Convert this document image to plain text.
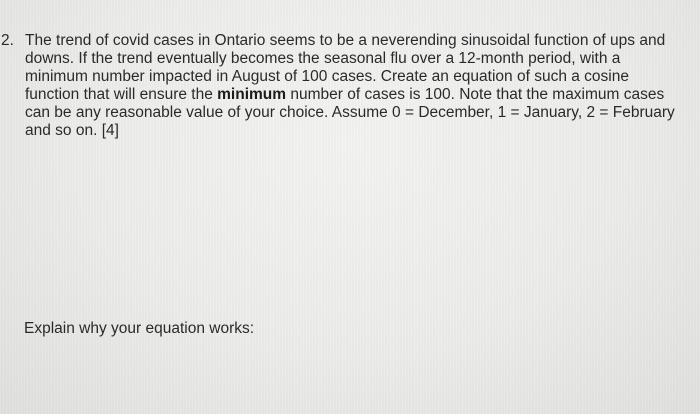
2. The trend of covid cases in Ontario seems to be a neverending sinusoidal function of ups and
downs. If the trend eventually becomes the seasonal flu over a 12-month period, with a
minimum number impacted in August of 100 cases. Create an equation of such a cosine
function that will ensure the minimum number of cases is 100. Note that the maximum cases
can be any reasonable value of your choice. Assume 0 = December, 1 = January, 2 = February
and so on. [4]
Explain why your equation works:
